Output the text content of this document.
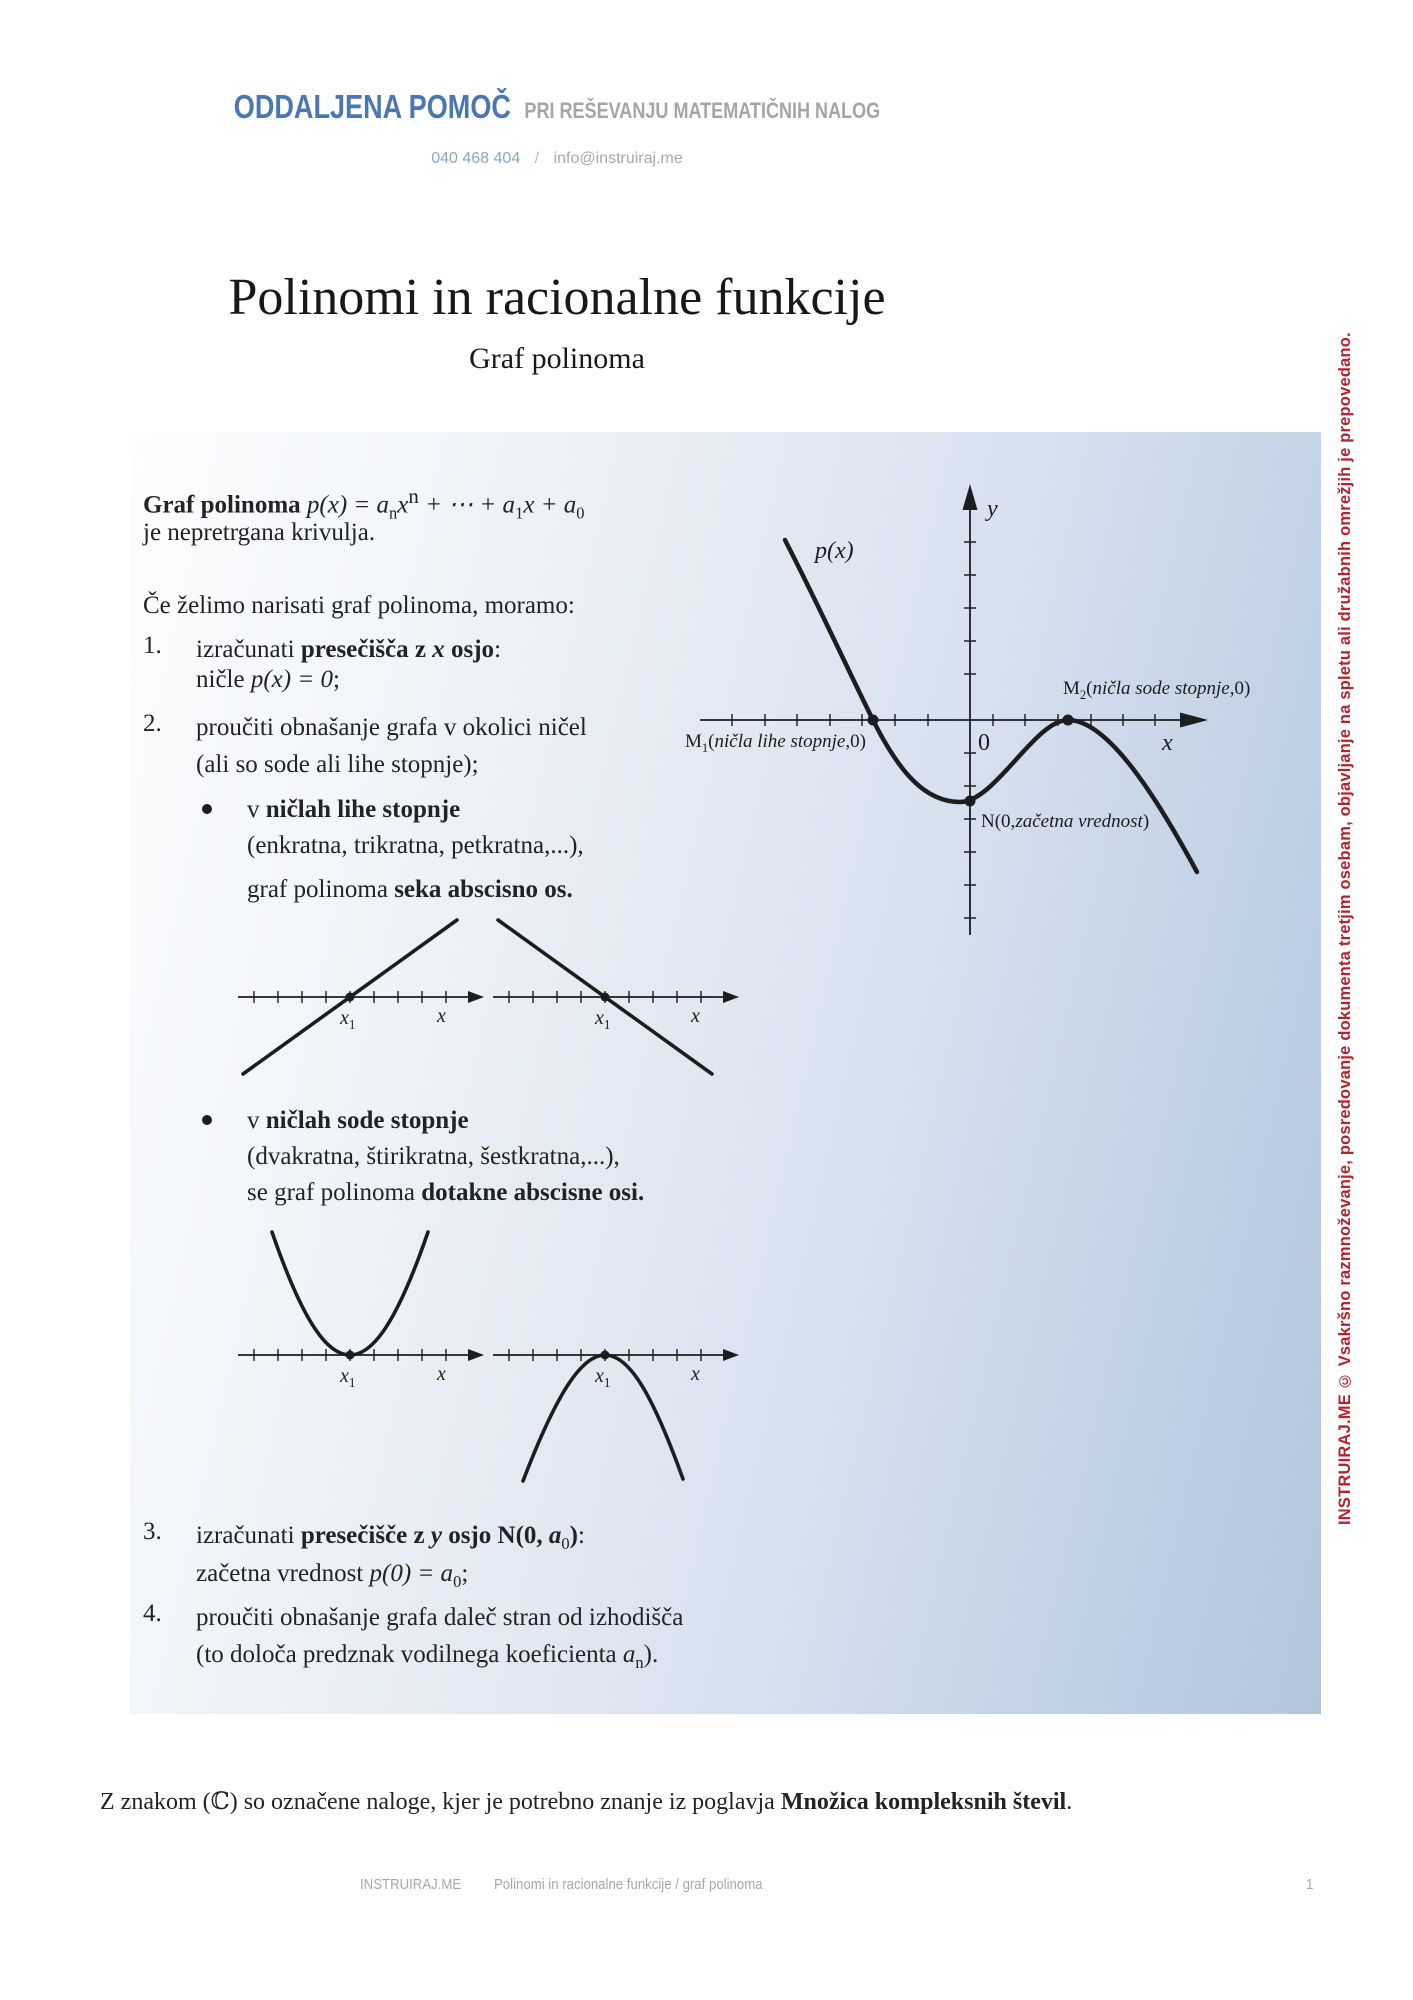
ODDALJENA POMOČ PRI REŠEVANJU MATEMATIČNIH NALOG
040 468 404 / info@instruiraj.me
Polinomi in racionalne funkcije
Graf polinoma
Graf polinoma $p(x) = a_nx^n$ + ⋯ + $a_1x + a_0$
je nepretrgana krivulja.
Če želimo narisati graf polinoma, moramo:
1. izračunati presečišča z x osjo:
ničle p(x) = 0;
2. proučiti obnašanje grafa v okolici ničel
(ali so sode ali lihe stopnje);
v ničlah lihe stopnje
(enkratna, trikratna, petkratna,...),
graf polinoma seka abscisno os.
$x_1$	x	$x_1$	x
v ničlah sode stopnje
(dvakratna, štirikratna, šestkratna,...),
se graf polinoma dotakne abscisne osi.
$x_1$	x	$x_1$	x
3. izračunati presečišče z y osjo N(0, $a_0$):
začetna vrednost $p(0) = a_0$;
4. proučiti obnašanje grafa daleč stran od izhodišča
(to določa predznak vodilnega koeficienta $a_n$).
p(x)
y
x
0
$M_1(ničla$ lihe stopnje,0)
$M_2(ničla$ sode stopnje,0)
N(0,začetna vrednost)
Z znakom (ℂ) so označene naloge, kjer je potrebno znanje iz poglavja Množica kompleksnih števil.
INSTRUIRAJ.ME Polinomi in racionalne funkcije / graf polinoma	1
INSTRUIRAJ.ME © Vsakršno razmnoževanje, posredovanje dokumenta tretjim osebam, objavljanje na spletu ali družabnih omrežjih je prepovedano.
